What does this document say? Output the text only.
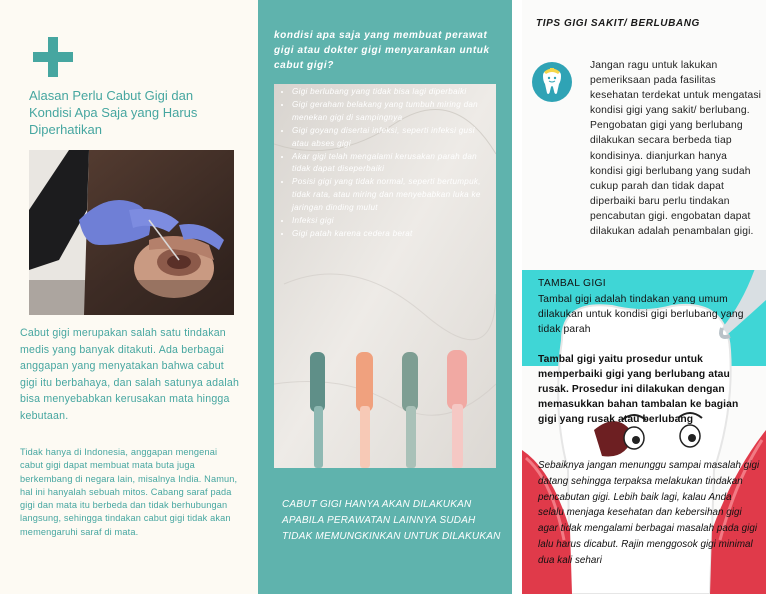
Alasan Perlu Cabut Gigi dan Kondisi Apa Saja yang Harus Diperhatikan
Cabut gigi merupakan salah satu tindakan medis yang banyak ditakuti. Ada berbagai anggapan yang menyatakan bahwa cabut gigi itu berbahaya, dan salah satunya adalah bisa menyebabkan kerusakan mata hingga kebutaan.
Tidak hanya di Indonesia, anggapan mengenai cabut gigi dapat membuat mata buta juga berkembang di negara lain, misalnya India. Namun, hal ini hanyalah sebuah mitos. Cabang saraf pada gigi dan mata itu berbeda dan tidak berhubungan langsung, sehingga tindakan cabut gigi tidak akan memengaruhi saraf di mata.
kondisi apa saja yang membuat perawat gigi atau dokter gigi menyarankan untuk cabut gigi?
• Gigi berlubang yang tidak bisa lagi diperbaiki
• Gigi geraham belakang yang tumbuh miring dan menekan gigi di sampingnya
• Gigi goyang disertai infeksi, seperti infeksi gusi atau abses gigi
• Akar gigi telah mengalami kerusakan parah dan tidak dapat diseperbaiki
• Posisi gigi yang tidak normal, seperti bertumpuk, tidak rata, atau miring dan menyebabkan luka ke jaringan dinding mulut
• Infeksi gigi
• Gigi patah karena cedera berat
CABUT GIGI HANYA AKAN DILAKUKAN APABILA PERAWATAN LAINNYA SUDAH TIDAK MEMUNGKINKAN UNTUK DILAKUKAN
TIPS GIGI SAKIT/ BERLUBANG
Jangan ragu untuk lakukan pemeriksaan pada fasilitas kesehatan terdekat untuk mengatasi kondisi gigi yang sakit/ berlubang. Pengobatan gigi yang berlubang dilakukan secara berbeda tiap kondisinya. dianjurkan hanya kondisi gigi berlubang yang sudah cukup parah dan tidak dapat diperbaiki baru perlu tindakan pencabutan gigi. engobatan dapat dilakukan adalah penambalan gigi.
TAMBAL GIGI
Tambal gigi adalah tindakan yang umum dilakukan untuk kondisi gigi berlubang yang tidak parah
Tambal gigi yaitu prosedur untuk memperbaiki gigi yang berlubang atau rusak. Prosedur ini dilakukan dengan memasukkan bahan tambalan ke bagian gigi yang rusak atau berlubang
Sebaiknya jangan menunggu sampai masalah gigi datang sehingga terpaksa melakukan tindakan pencabutan gigi. Lebih baik lagi, kalau Anda selalu menjaga kesehatan dan kebersihan gigi agar tidak mengalami berbagai masalah pada gigi lalu harus dicabut. Rajin menggosok gigi minimal dua kali sehari
